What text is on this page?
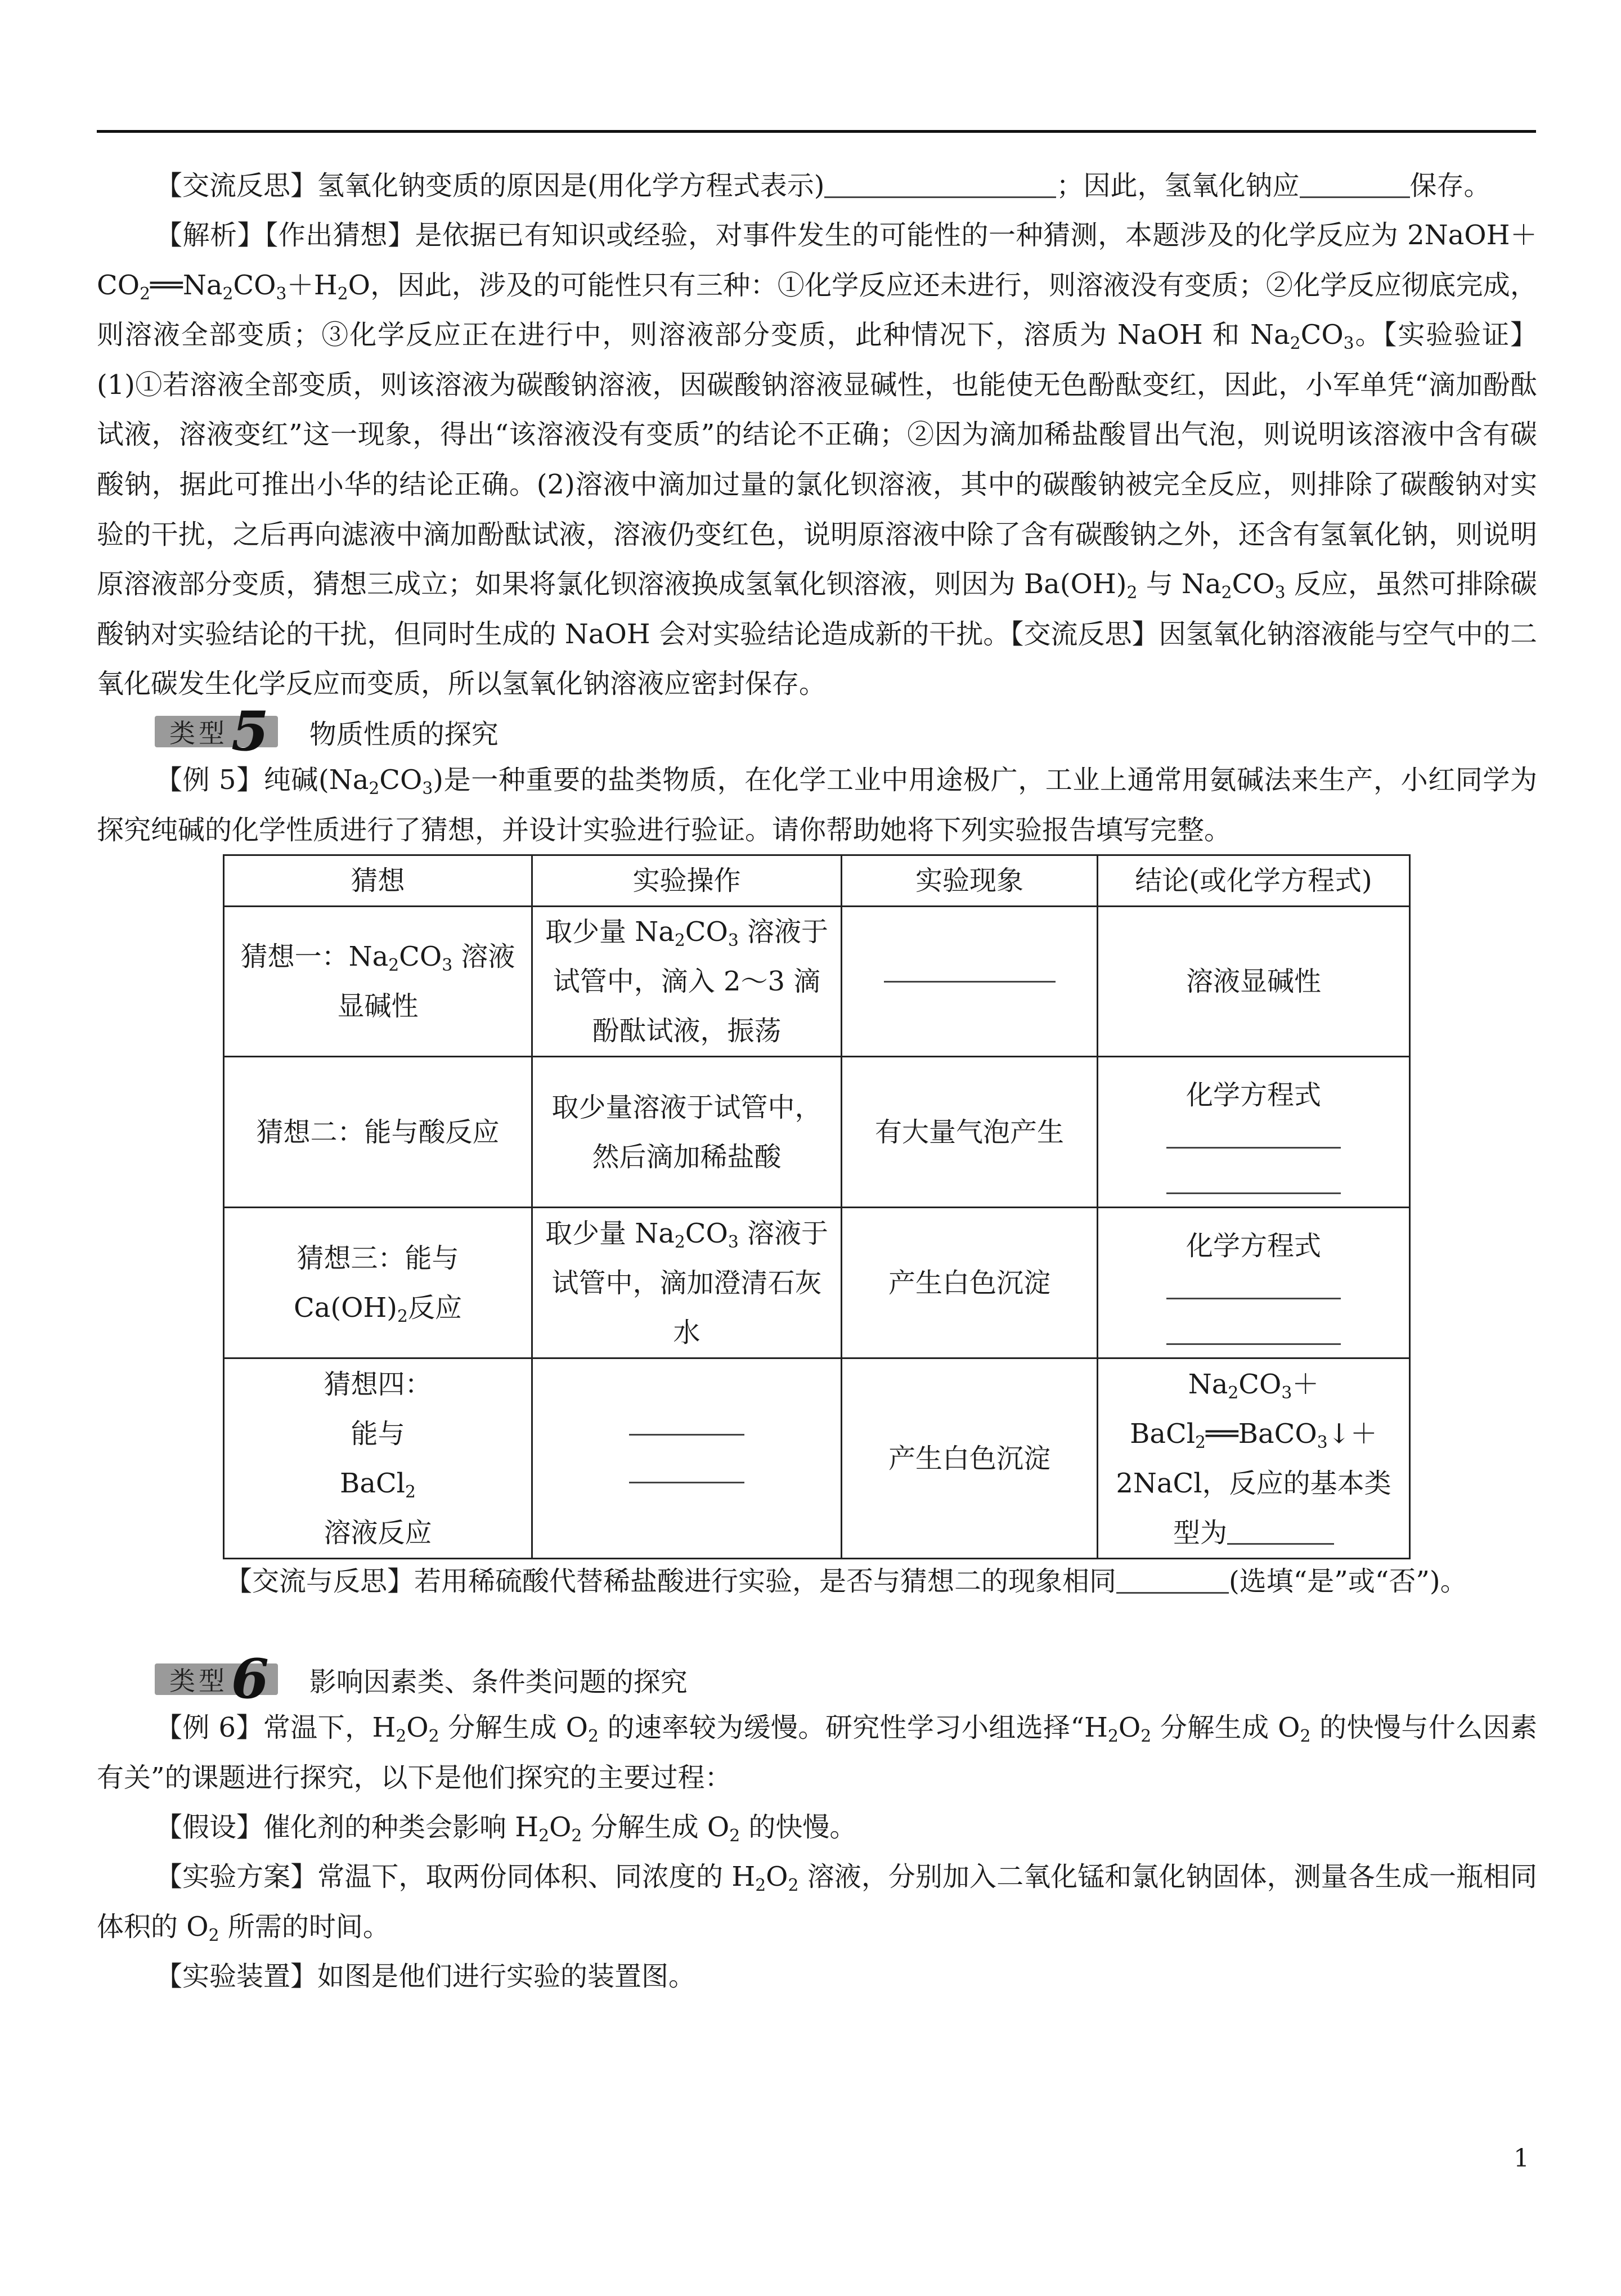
【交流反思】氢氧化钠变质的原因是(用化学方程式表示)	；因此，氢氧化钠应	保存。

【解析】【作出猜想】是依据已有知识或经验，对事件发生的可能性的一种猜测，本题涉及的化学反应为 $2NaOH+CO_2══Na_2CO_3+H_2O$，因此，涉及的可能性只有三种：①化学反应还未进行，则溶液没有变质；②化学反应彻底完成，则溶液全部变质；③化学反应正在进行中，则溶液部分变质，此种情况下，溶质为 NaOH 和 $Na_2CO_3$。【实验验证】(1)①若溶液全部变质，则该溶液为碳酸钠溶液，因碳酸钠溶液显碱性，也能使无色酚酞变红，因此，小军单凭“滴加酚酞试液，溶液变红”这一现象，得出“该溶液没有变质”的结论不正确；②因为滴加稀盐酸冒出气泡，则说明该溶液中含有碳酸钠，据此可推出小华的结论正确。(2)溶液中滴加过量的氯化钡溶液，其中的碳酸钠被完全反应，则排除了碳酸钠对实验的干扰，之后再向滤液中滴加酚酞试液，溶液仍变红色，说明原溶液中除了含有碳酸钠之外，还含有氢氧化钠，则说明原溶液部分变质，猜想三成立；如果将氯化钡溶液换成氢氧化钡溶液，则因为 $Ba(OH)_2$ 与 $Na_2CO_3$ 反应，虽然可排除碳酸钠对实验结论的干扰，但同时生成的 NaOH 会对实验结论造成新的干扰。【交流反思】因氢氧化钠溶液能与空气中的二氧化碳发生化学反应而变质，所以氢氧化钠溶液应密封保存。

类型 5 物质性质的探究

【例 5】纯碱$(Na_2CO_3)$是一种重要的盐类物质，在化学工业中用途极广，工业上通常用氨碱法来生产，小红同学为探究纯碱的化学性质进行了猜想，并设计实验进行验证。请你帮助她将下列实验报告填写完整。

猜想	实验操作	实验现象	结论(或化学方程式)
猜想一：$Na_2CO_3$ 溶液显碱性	取少量 $Na_2CO_3$ 溶液于试管中，滴入 2～3 滴酚酞试液，振荡		溶液显碱性
猜想二：能与酸反应	取少量溶液于试管中，然后滴加稀盐酸	有大量气泡产生	化学方程式

猜想三：能与
$Ca(OH)_2$反应	取少量 $Na_2CO_3$ 溶液于试管中，滴加澄清石灰水	产生白色沉淀	化学方程式

猜想四：
能与
BaCl$_2$
溶液反应		产生白色沉淀	$Na_2CO_3+BaCl_2══BaCO_3↓+2NaCl$，反应的基本类型为

【交流与反思】若用稀硫酸代替稀盐酸进行实验，是否与猜想二的现象相同	(选填“是”或“否”)。

类型 6 影响因素类、条件类问题的探究

【例 6】常温下，$H_2O_2$ 分解生成 $O_2$ 的速率较为缓慢。研究性学习小组选择“$H_2O_2$ 分解生成 $O_2$ 的快慢与什么因素有关”的课题进行探究，以下是他们探究的主要过程：

【假设】催化剂的种类会影响 $H_2O_2$ 分解生成 $O_2$ 的快慢。

【实验方案】常温下，取两份同体积、同浓度的 $H_2O_2$ 溶液，分别加入二氧化锰和氯化钠固体，测量各生成一瓶相同体积的 $O_2$ 所需的时间。

【实验装置】如图是他们进行实验的装置图。

1
